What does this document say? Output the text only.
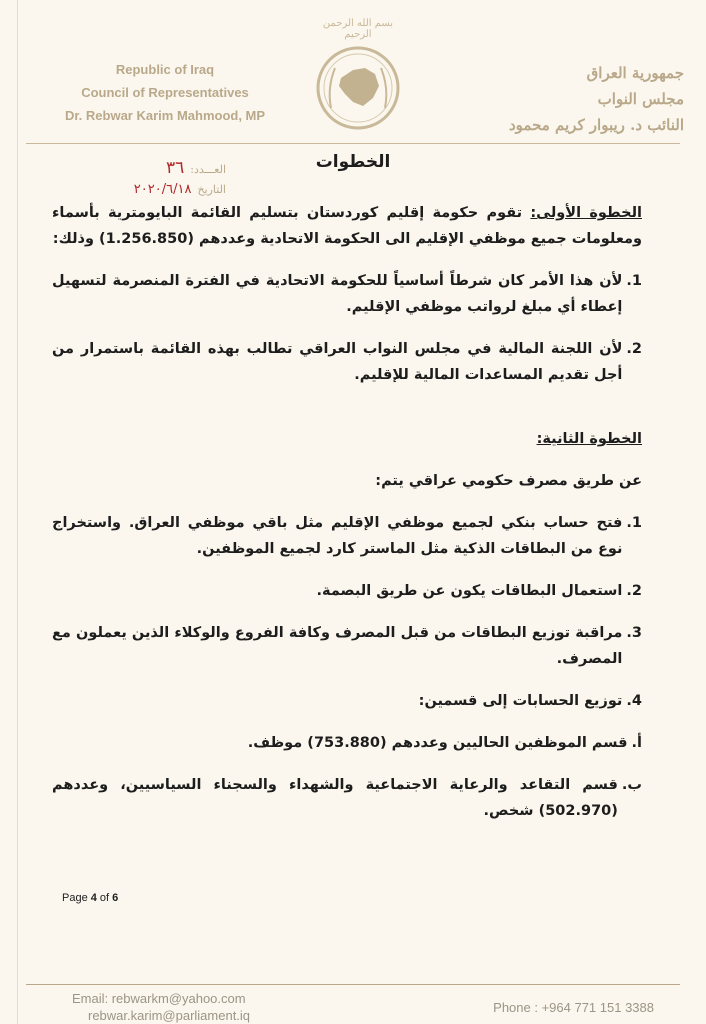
بسم الله الرحمن الرحيم
Republic of Iraq
Council of Representatives
Dr. Rebwar Karim Mahmood, MP
جمهورية العراق
مجلس النواب
النائب د. ريبوار كريم محمود
العـــدد:
٣٦
التاريخ
٢٠٢٠/٦/١٨
الخطوات

الخطوة الأولى: تقوم حكومة إقليم كوردستان بتسليم القائمة البايومترية بأسماء ومعلومات جميع موظفي الإقليم الى الحكومة الاتحادية وعددهم (1.256.850) وذلك:

1.
لأن هذا الأمر كان شرطاً أساسياً للحكومة الاتحادية في الفترة المنصرمة لتسهيل إعطاء أي مبلغ لرواتب موظفي الإقليم.
2.
لأن اللجنة المالية في مجلس النواب العراقي تطالب بهذه القائمة باستمرار من أجل تقديم المساعدات المالية للإقليم.

الخطوة الثانية:

عن طريق مصرف حكومي عراقي يتم:

1.
فتح حساب بنكي لجميع موظفي الإقليم مثل باقي موظفي العراق. واستخراج نوع من البطاقات الذكية مثل الماستر كارد لجميع الموظفين.
2.
استعمال البطاقات يكون عن طريق البصمة.
3.
مراقبة توزيع البطاقات من قبل المصرف وكافة الفروع والوكلاء الذين يعملون مع المصرف.
4.
توزيع الحسابات إلى قسمين:
أ.
قسم الموظفين الحاليين وعددهم (753.880) موظف.
ب.
قسم التقاعد والرعاية الاجتماعية والشهداء والسجناء السياسيين، وعددهم (502.970) شخص.
Page 4 of 6
Email: rebwarkm@yahoo.com
rebwar.karim@parliament.iq
Phone : +964 771 151 3388
